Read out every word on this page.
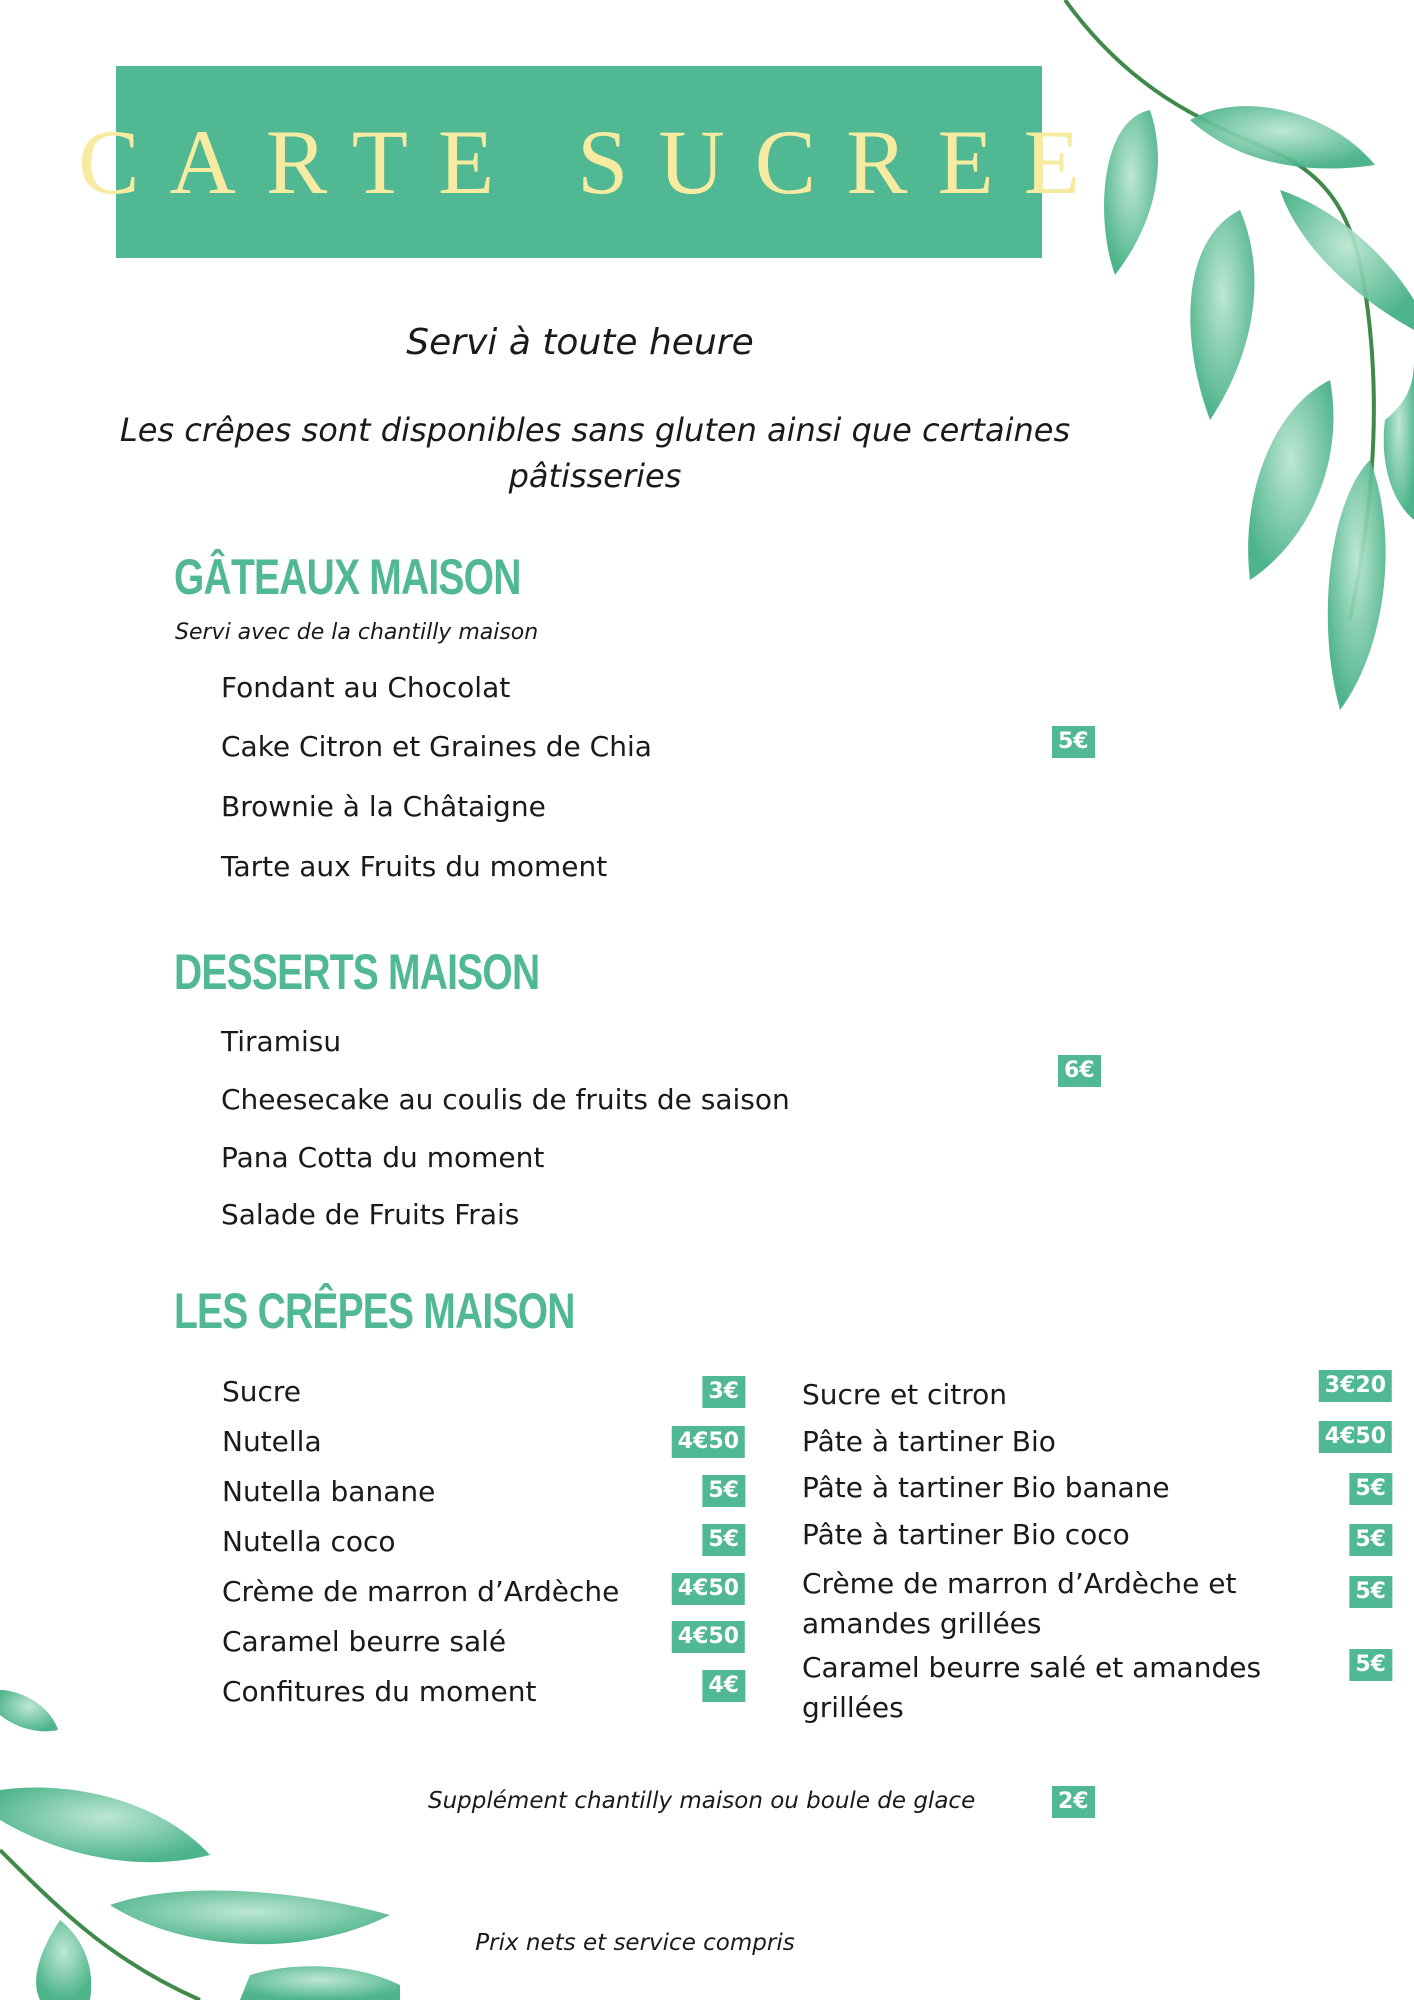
CARTE SUCREE
Servi à toute heure
Les crêpes sont disponibles sans gluten ainsi que certaines pâtisseries
GÂTEAUX MAISON
Servi avec de la chantilly maison
Fondant au Chocolat
Cake Citron et Graines de Chia
Brownie à la Châtaigne
Tarte aux Fruits du moment
5€
DESSERTS MAISON
Tiramisu
Cheesecake au coulis de fruits de saison
Pana Cotta du moment
Salade de Fruits Frais
6€
LES CRÊPES MAISON
Sucre	3€
Nutella	4€50
Nutella banane	5€
Nutella coco	5€
Crème de marron d’Ardèche	4€50
Caramel beurre salé	4€50
Confitures du moment	4€
Sucre et citron	3€20
Pâte à tartiner Bio	4€50
Pâte à tartiner Bio banane	5€
Pâte à tartiner Bio coco	5€
Crème de marron d’Ardèche et amandes grillées
5€
Caramel beurre salé et amandes grillées
5€
Supplément chantilly maison ou boule de glace	2€
Prix nets et service compris
